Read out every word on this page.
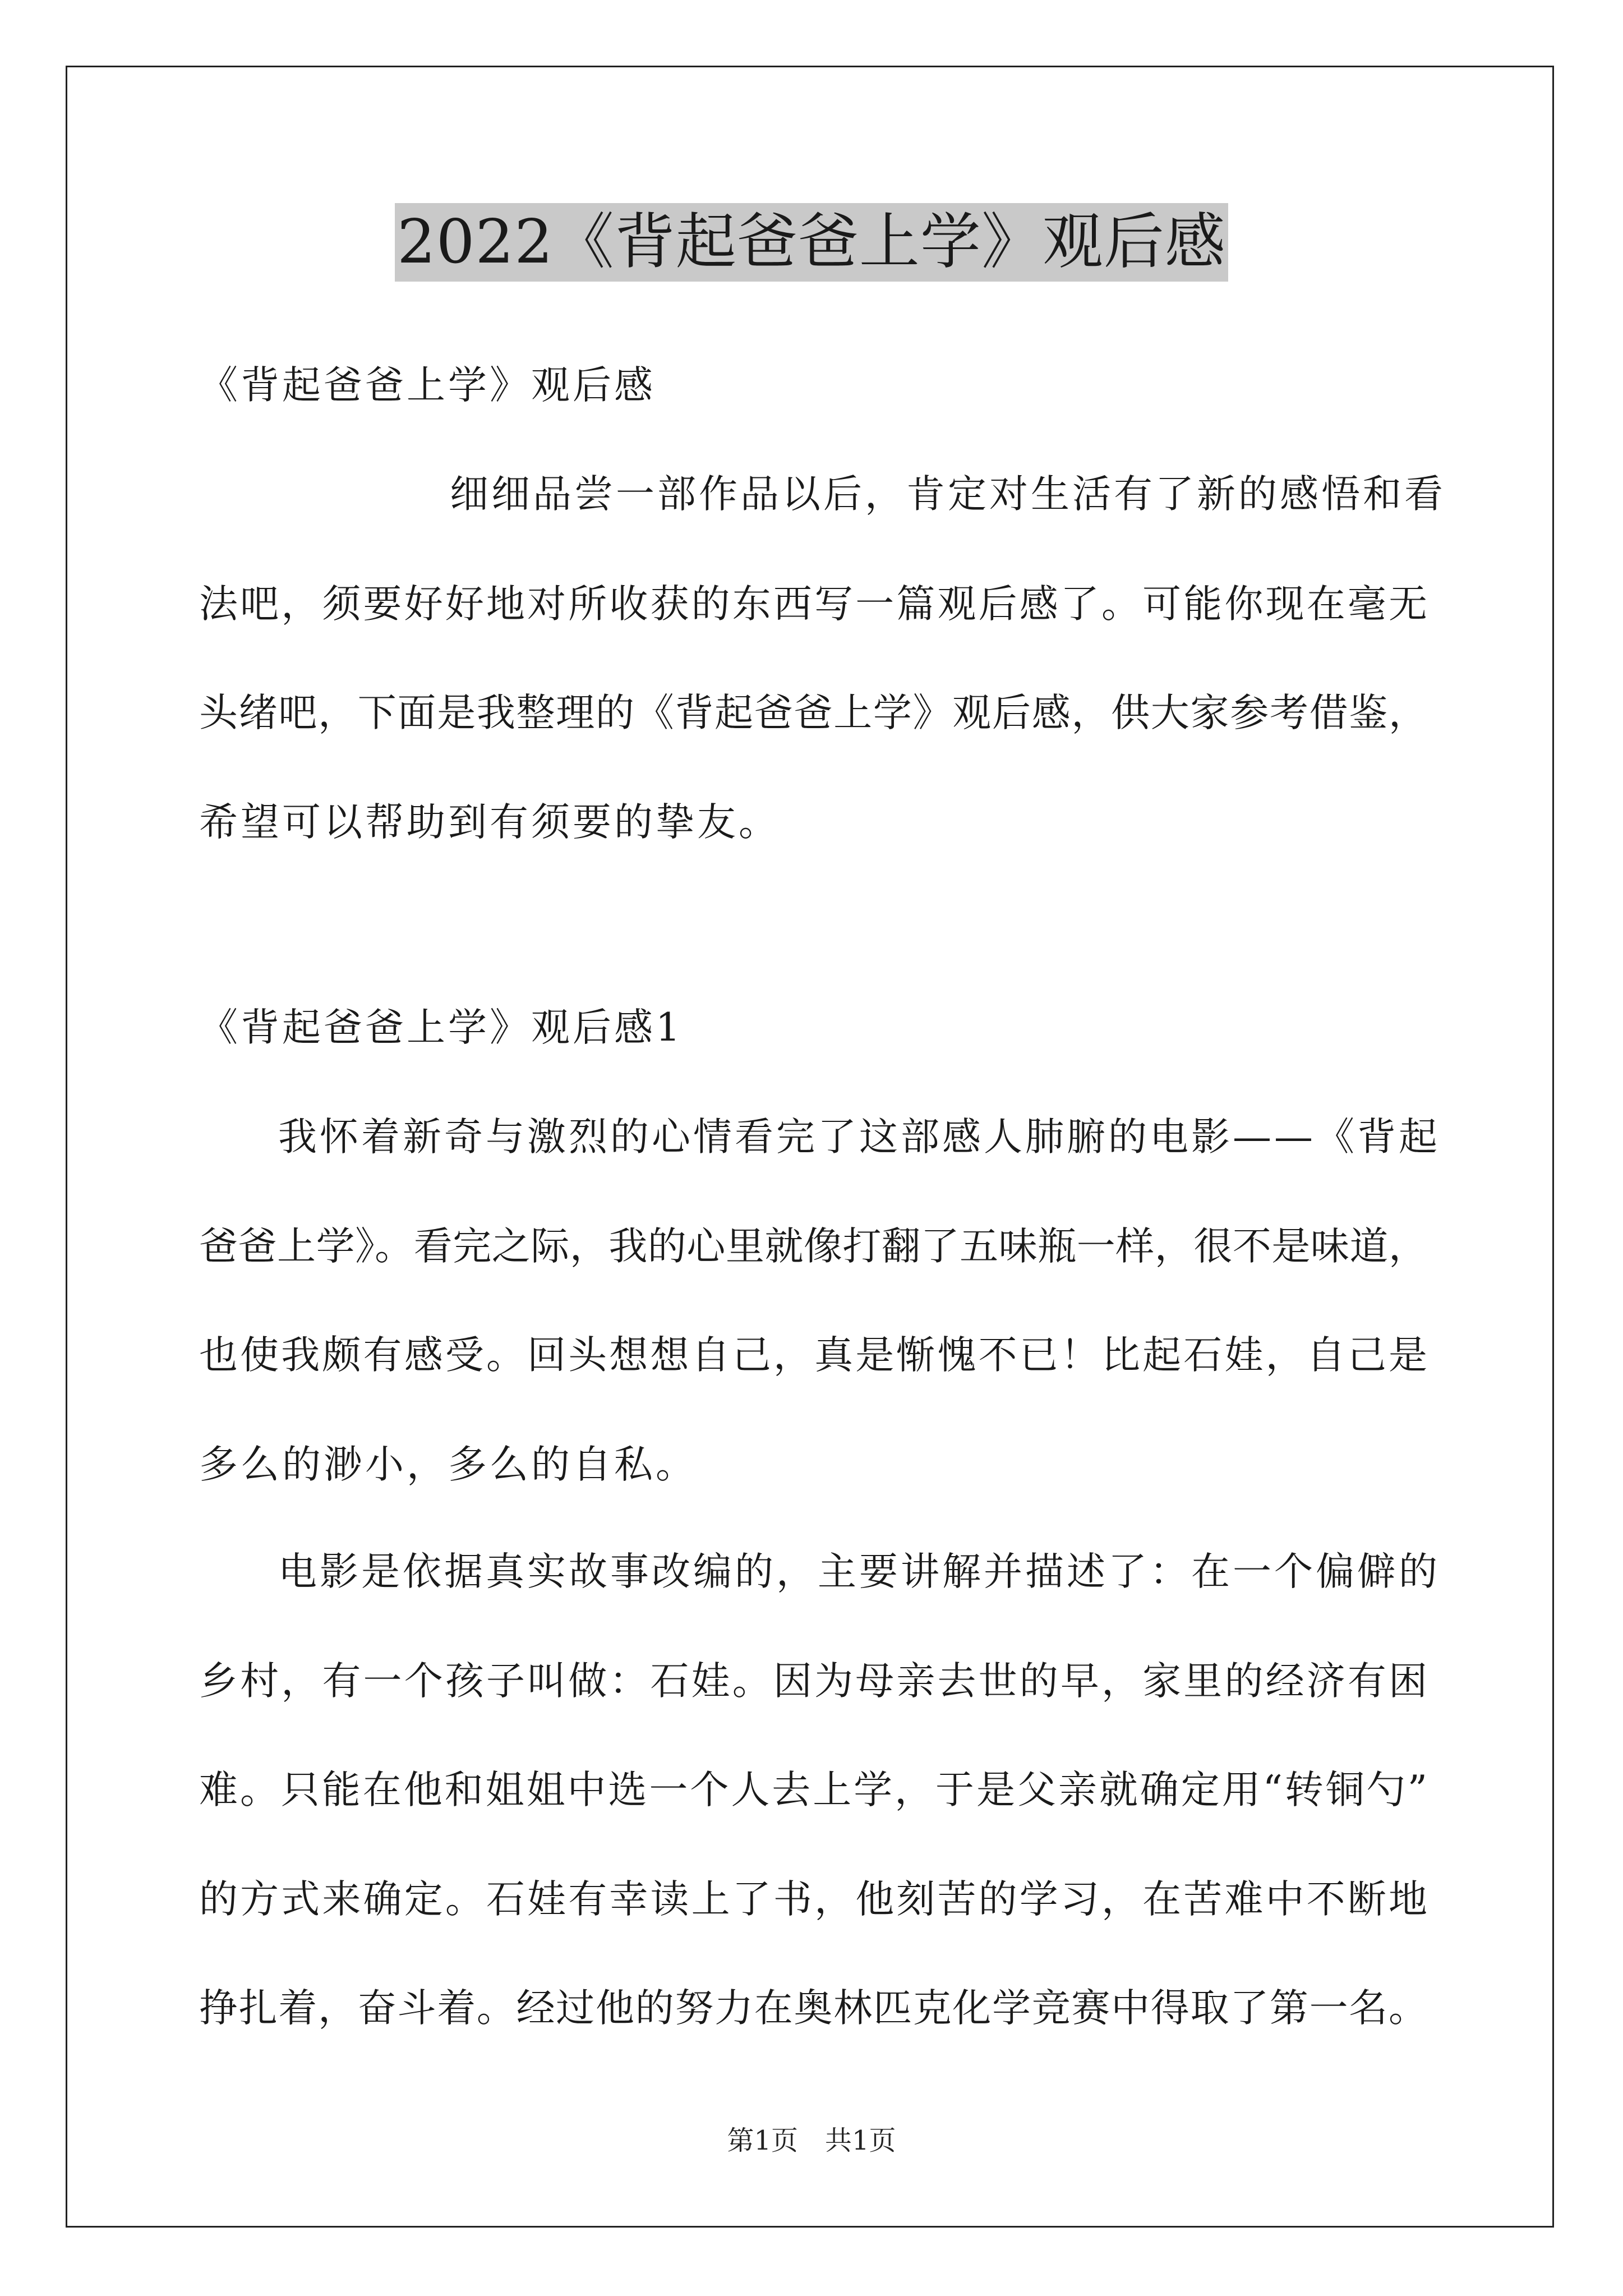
2022《背起爸爸上学》观后感
《背起爸爸上学》观后感
细细品尝一部作品以后，肯定对生活有了新的感悟和看
法吧，须要好好地对所收获的东西写一篇观后感了。可能你现在毫无
头绪吧，下面是我整理的《背起爸爸上学》观后感，供大家参考借鉴，
希望可以帮助到有须要的挚友。
《背起爸爸上学》观后感1
我怀着新奇与激烈的心情看完了这部感人肺腑的电影——《背起
爸爸上学》。看完之际，我的心里就像打翻了五味瓶一样，很不是味道，
也使我颇有感受。回头想想自己，真是惭愧不已！比起石娃，自己是
多么的渺小，多么的自私。
电影是依据真实故事改编的，主要讲解并描述了：在一个偏僻的
乡村，有一个孩子叫做：石娃。因为母亲去世的早，家里的经济有困
难。只能在他和姐姐中选一个人去上学，于是父亲就确定用“转铜勺”
的方式来确定。石娃有幸读上了书，他刻苦的学习，在苦难中不断地
挣扎着，奋斗着。经过他的努力在奥林匹克化学竞赛中得取了第一名。
第1页　共1页
